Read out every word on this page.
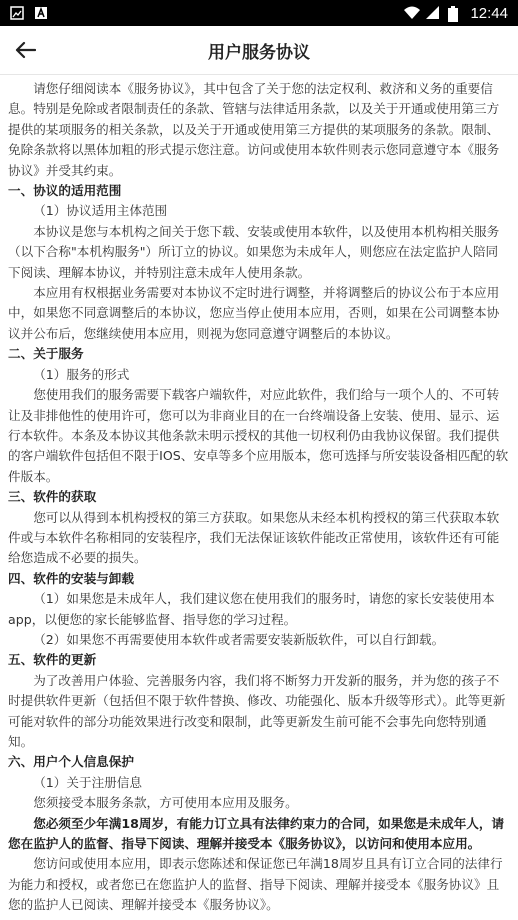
12:44
用户服务协议

请您仔细阅读本《服务协议》，其中包含了关于您的法定权利、救济和义务的重要信息。特别是免除或者限制责任的条款、管辖与法律适用条款，以及关于开通或使用第三方提供的某项服务的相关条款，以及关于开通或使用第三方提供的某项服务的条款。限制、免除条款将以黑体加粗的形式提示您注意。访问或使用本软件则表示您同意遵守本《服务协议》并受其约束。

一、协议的适用范围

（1）协议适用主体范围

本协议是您与本机构之间关于您下载、安装或使用本软件，以及使用本机构相关服务（以下合称"本机构服务"）所订立的协议。如果您为未成年人，则您应在法定监护人陪同下阅读、理解本协议，并特别注意未成年人使用条款。

本应用有权根据业务需要对本协议不定时进行调整，并将调整后的协议公布于本应用中，如果您不同意调整后的本协议，您应当停止使用本应用，否则，如果在公司调整本协议并公布后，您继续使用本应用，则视为您同意遵守调整后的本协议。

二、关于服务

（1）服务的形式

您使用我们的服务需要下载客户端软件，对应此软件，我们给与一项个人的、不可转让及非排他性的使用许可，您可以为非商业目的在一台终端设备上安装、使用、显示、运行本软件。本条及本协议其他条款未明示授权的其他一切权利仍由我协议保留。我们提供的客户端软件包括但不限于IOS、安卓等多个应用版本，您可选择与所安装设备相匹配的软件版本。

三、软件的获取

您可以从得到本机构授权的第三方获取。如果您从未经本机构授权的第三代获取本软件或与本软件名称相同的安装程序，我们无法保证该软件能改正常使用，该软件还有可能给您造成不必要的损失。

四、软件的安装与卸载

（1）如果您是未成年人，我们建议您在使用我们的服务时，请您的家长安装使用本app，以便您的家长能够监督、指导您的学习过程。

（2）如果您不再需要使用本软件或者需要安装新版软件，可以自行卸载。

五、软件的更新

为了改善用户体验、完善服务内容，我们将不断努力开发新的服务，并为您的孩子不时提供软件更新（包括但不限于软件替换、修改、功能强化、版本升级等形式）。此等更新可能对软件的部分功能效果进行改变和限制，此等更新发生前可能不会事先向您特别通知。

六、用户个人信息保护

（1）关于注册信息

您须接受本服务条款，方可使用本应用及服务。

您必须至少年满18周岁，有能力订立具有法律约束力的合同，如果您是未成年人，请您在监护人的监督、指导下阅读、理解并接受本《服务协议》，以访问和使用本应用。

您访问或使用本应用，即表示您陈述和保证您已年满18周岁且具有订立合同的法律行为能力和授权，或者您已在您监护人的监督、指导下阅读、理解并接受本《服务协议》且您的监护人已阅读、理解并接受本《服务协议》。
